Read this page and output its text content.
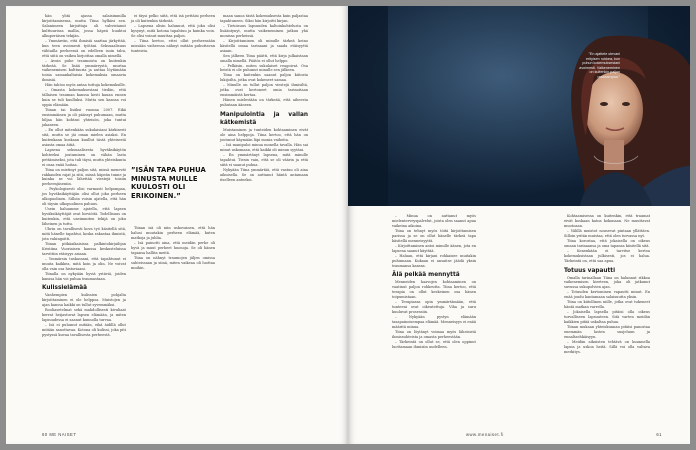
hän yhtä ajassa salaisimmilla kirjoittamisessa, mutta Tiina hylkäsi sen. Salanimeen kirjoittaja oli vahvistanut kulttuurissa mallia, jossa häpeä huuhtoi alkuperäisen tekijän.

– Ymmärrän, että ihmisiä saattaa järkyttää, kun teen avoimesti työtäni. Seksuaalisuus vähtailla perheessä on edelleen isoin tabu, että siitä on vaikea kirjoittaa omalla nimellä.

– Avoin puhe traumoista on kuitenkin tärkeää. Se lisää ymmärrystä, murtaa vaikenemisen kulttuuria ja auttaa löytämään toisia samankaltaisia kokemuksia omaavia ihmisiä.

Hän tahtoo myös antaa tuttuja kokemuksille.

– Omasta kokemuksestani tiedän, että tällaisen trauman kanssa kesti kauan ennen kuin se tuli kuulluksi. Mutta sen kanssa voi oppia elämään.

Tiinan tai lisäksi vuonna 2007. Eikä ensimmäinen ja oli päässyt puhumaan, mutta hiljaa hän kohtasi yhteisön, joka tuntui jakaneen.

– En ollut mitenkään sukulaisiani kärkisesti sitä, mutta se jäi oman mielen asiaksi. En kuitenkaan koskaan kuullut tästä yhteisestä asiasta omaa äitiä.

Lapsena seksuaalisesta hyväksikäytön kohteeksi joutuminen on vähän lasta pettämiseksi, jota tuli täysi, mutta yhteiskunta ei osaa enää hoitaa.

Tiina on mietinyt paljon sitä, missä menevät rakkauden rajat ja sitä, missä häpeän tunne ja kuinka se voi lähettää viestejä toisiin perheenjäseniin.

– Psykologisesti olisi varmasti helpompaa, jos hyväksikäyttäjän olisi ollut joku perheen ulkopuolinen. Silloin voisin ajatella, että hän oli täysin ulkopuolinen pahuus.

Usein haluamme ajatella, että lapsen hyväksikäyttäjät ovat hirviöitä. Todellisuus on kuitenkin, että useimmiten tekijä on joku läheinen ja tuttu.

Uhrin on tavallisesti kova työ käsitellä sitä, mitä hänelle tapahtui, koska rakastaa ihmistä, jota vahingoitti.

Tiinan pitkäaikaisissa palkintokirjailijan Kristiina Vuoriaisen kanssa keskusteluissa tarvittiin etäisyys asiaan.

– Ymmärsin tuskassani, että tapahtunut ei muuta kaikkea, mitä koin ja olin. Ne voivat olla vain osa historiaani.

Tiinalla on nykyään hyviä ystäviä, joiden kanssa hän voi puhua traumastaan.

Kulissielämää

Vanhempien kulissien pohjalta kirjoittaminen ei ole helppoa. Muistojen ja ajan kanssa kaikki on tullut syvemmäksi.

Rooliasetelmat sekä mahdollisesti kivuliaat kerrat heijastuvat lapsen elämään, ja miten lapsuudessa ei saanut kunnolla turvaa.

– Isä ei puhunut mitään, eikä äidillä ollut mitään sanottavaa. Kotona oli kulissi, joka piti pystyssä kuvaa tavallisesta perheestä.

ei täysi pelko siitä, että isä pettäisi perheen ja oli kuitenkin tärkeää.

– Lapsena olisin halunnut, että joku olisi kysynyt, mitä kotona tapahtuu ja kuinka voin. Se olisi voinut muuttaa paljon.

– Tiina kertoo, ettei ollut perheessään missään vaiheessa nähnyt mitään puhuttavan tunteista.

”ISÄN TAPA PUHUA MINUSTA MUILLE KUULOSTI OLI ERIKOINEN.”

Tiinan isä oli niin uskovainen, että hän halusi muutakin perheen elämää, kuten matkoja ja juhlia.

– Isä painotti aina, että meidän perhe oli hyvä ja muut perheet huonoja. Se oli hänen tapansa hallita meitä.

Tiina on nähnyt traumojen jäljen omissa suhteissaan ja siinä, miten vaikeaa oli luottaa muihin.

maan sanoa tästä kokemuksesta kuin paljastaa tapahtuneen. Siksi hän kirjoitti kirjan.

– Tietoisuus lapsuuden kaltoinkohtelusta on lisääntynyt, mutta vaikeneminen jatkuu yhä monissa perheissä.

– Kirjoittaminen oli minulle tärkeä keino käsitellä omaa tarinaani ja saada etäisyyttä asiaan.

Sen jälkeen Tiina päätti, että kirja julkaistaan omalla nimellä. Päätös ei ollut helppo.

– Pelkäsin, miten sukulaiset reagoivat. Osa heistä ei ole puhunut minulle sen jälkeen.

Tiina on kuitenkin saanut paljon kiitosta lukijoilta, jotka ovat kokeneet samaa.

– Minulle on tullut paljon viestejä ihmisiltä, jotka ovat kertoneet omia tarinoitaan ensimmäistä kertaa.

Hänen mielestään on tärkeää, että aiheesta puhutaan ääneen.

Manipulointia ja vallan kätkemistä

Muistaminen ja tunteiden kohtaaminen eivät ole aina helppoja. Tiina kertoo, että hän on joutunut käymään läpi monia vaiheita.

– Isä manipuloi minua monella tavalla. Hän sai minut uskomaan, että kaikki oli minun syytäni.

– En ymmärtänyt lapsena, mitä minulle tapahtui. Tiesin vain, että se oli väärin ja että siitä ei saanut puhua.

Nykyään Tiina ymmärtää, että vastuu oli aina aikuisella. Se on auttanut häntä antamaan itselleen anteeksi.

60 ME NAISET
”En ajattele olevani erityisen rohkea, kun puhun kokemuksestani avoimesti. Vaikeneminen on kuitenkin paljon raskaampaa.”

– Minua on auttanut myös mielenterveyspalvelut, joista olen saanut apua vaikeina aikoina.

Tiina on tehnyt myös töitä kirjoittamisen parissa ja se on ollut hänelle tärkeä tapa käsitellä menneisyyttä.

– Kirjoittaminen antoi minulle äänen, jota en lapsena saanut käyttää.

– Haluan, että kirjani rohkaisee muitakin puhumaan. Kukaan ei ansaitse jäädä yksin traumansa kanssa.

Älä pelkää mennyttä

Menneiden haavojen kohtaaminen on vaatinut paljon rohkeutta. Tiina kertoo, että terapia on ollut keskeinen osa hänen toipumistaan.

– Terapiassa opin ymmärtämään, että tunteeni ovat oikeutettuja. Viha ja suru kuuluvat prosessiin.

– Nykyään pystyn elämään tasapainoisempaa elämää. Menneisyys ei enää määritä minua.

Tiina on löytänyt voimaa myös läheisistä ihmissuhteista ja omasta perheestään.

– Tärkeintä on ollut se, että olen oppinut luottamaan ihmisiin uudelleen.

Kohtaamisessa on kuitenkin, että traumat eivät koskaan katoa kokonaan. Ne muuttavat muotoaan.

– Välillä muistot nousevat pintaan yllättäen. Silloin yritän muistaa, että olen turvassa nyt.

Tiina korostaa, että jokaisella on oikeus omaan tarinaansa ja oma tapansa käsitellä sitä.

– Kenenkään ei tarvitse kertoa kokemuksistaan julkisesti, jos ei halua. Tärkeintä on, että saa apua.

Totuus vapautti

Omalla tarinallaan Tiina on halunnut rikkoa vaikenemisen kierteen, joka oli jatkunut suvussa sukupolvien ajan.

– Totuuden kertominen vapautti minut. En enää joudu kantamaan salaisuutta yksin.

Tiina on kiitollinen niille, jotka ovat tukeneet häntä matkan varrella.

– Jokaisella lapsella pitäisi olla oikeus turvalliseen lapsuuteen. Sitä varten meidän kaikkien pitää uskaltaa puhua.

Tiinan mukaan yhteiskunnan pitäisi panostaa enemmän lasten suojeluun ja ennaltaehkäisyyn.

– Meidän aikuisten tehtävä on kuunnella lapsia ja uskoa heitä. Sillä voi olla valtava merkitys.

www.menaiset.fi	61
